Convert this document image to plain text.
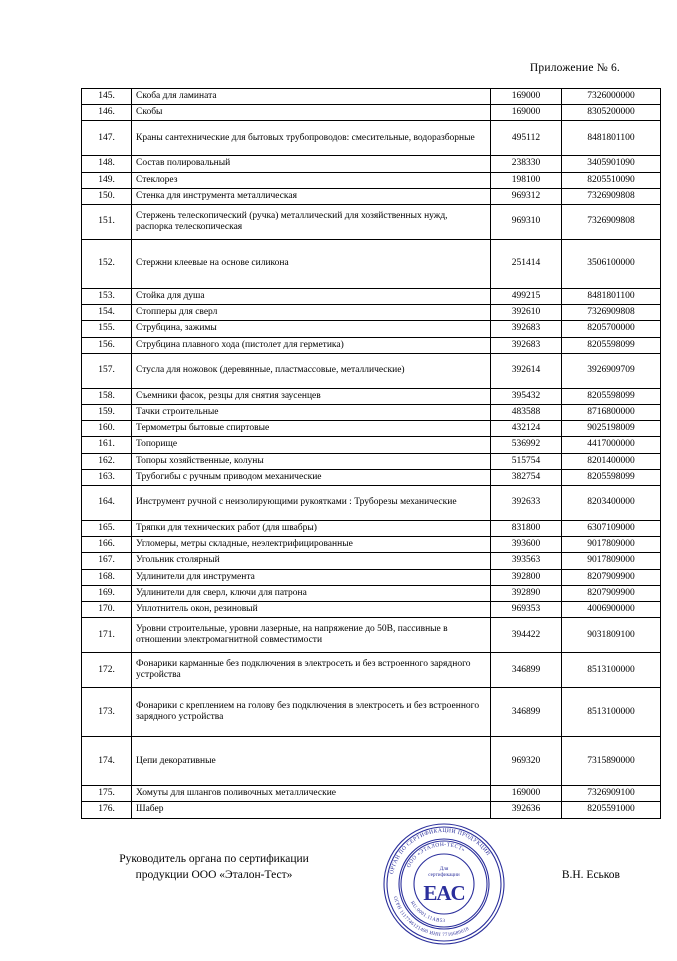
Приложение № 6.
145.	Скоба для ламината	169000	7326000000
146.	Скобы	169000	8305200000
147.	Краны сантехнические для бытовых трубопроводов: смесительные, водоразборные	495112	8481801100
148.	Состав полировальный	238330	3405901090
149.	Стеклорез	198100	8205510090
150.	Стенка для инструмента металлическая	969312	7326909808
151.	Стержень телескопический (ручка) металлический для хозяйственных нужд, распорка телескопическая	969310	7326909808
152.	Стержни клеевые на основе силикона	251414	3506100000
153.	Стойка для душа	499215	8481801100
154.	Стопперы для сверл	392610	7326909808
155.	Струбцина, зажимы	392683	8205700000
156.	Струбцина плавного хода (пистолет для герметика)	392683	8205598099
157.	Стусла для ножовок (деревянные, пластмассовые, металлические)	392614	3926909709
158.	Съемники фасок, резцы для снятия заусенцев	395432	8205598099
159.	Тачки строительные	483588	8716800000
160.	Термометры бытовые спиртовые	432124	9025198009
161.	Топорище	536992	4417000000
162.	Топоры хозяйственные, колуны	515754	8201400000
163.	Трубогибы с ручным приводом механические	382754	8205598099
164.	Инструмент ручной с неизолирующими рукоятками : Труборезы механические	392633	8203400000
165.	Тряпки для технических работ (для швабры)	831800	6307109000
166.	Угломеры, метры складные, неэлектрифицированные	393600	9017809000
167.	Угольник столярный	393563	9017809000
168.	Удлинители для инструмента	392800	8207909900
169.	Удлинители для сверл, ключи для патрона	392890	8207909900
170.	Уплотнитель окон, резиновый	969353	4006900000
171.	Уровни строительные, уровни лазерные, на напряжение до 50В, пассивные в отношении электромагнитной совместимости	394422	9031809100
172.	Фонарики карманные без подключения в электросеть и без встроенного зарядного устройства	346899	8513100000
173.	Фонарики с креплением на голову без подключения в электросеть и без встроенного зарядного устройства	346899	8513100000
174.	Цепи декоративные	969320	7315890000
175.	Хомуты для шлангов поливочных металлические	169000	7326909100
176.	Шабер	392636	8205591000
Руководитель органа по сертификации
продукции ООО «Эталон-Тест»	В.Н. Еськов
ОРГАН ПО СЕРТИФИКАЦИИ ПРОДУКЦИИ
ОГРН 1117746121490 ИНН 7716689018
ООО «ЭТАЛОН-ТЕСТ»
RU.0001.11АВ53
Для
сертификации
EAC
